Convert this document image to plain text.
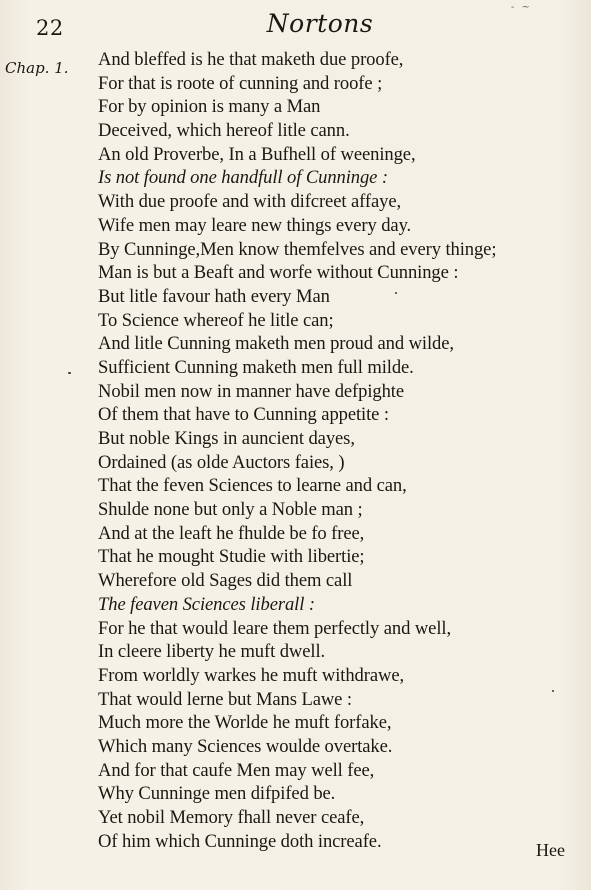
22	Nortons
- ~
Chap. 1. And bleffed is he that maketh due proofe,
For that is roote of cunning and roofe ;
For by opinion is many a Man
Deceived, which hereof litle cann.
An old Proverbe, In a Bufhell of weeninge,
Is not found one handfull of Cunninge :
With due proofe and with difcreet affaye,
Wife men may leare new things every day.
By Cunninge,Men know themfelves and every thinge;
Man is but a Beaft and worfe without Cunninge :
But litle favour hath every Man
To Science whereof he litle can;
And litle Cunning maketh men proud and wilde,
Sufficient Cunning maketh men full milde.
Nobil men now in manner have defpighte
Of them that have to Cunning appetite :
But noble Kings in auncient dayes,
Ordained (as olde Auctors faies, )
That the feven Sciences to learne and can,
Shulde none but only a Noble man ;
And at the leaft he fhulde be fo free,
That he mought Studie with libertie;
Wherefore old Sages did them call
The feaven Sciences liberall :
For he that would leare them perfectly and well,
In cleere liberty he muft dwell.
From worldly warkes he muft withdrawe,
That would lerne but Mans Lawe :
Much more the Worlde he muft forfake,
Which many Sciences woulde overtake.
And for that caufe Men may well fee,
Why Cunninge men difpifed be.
Yet nobil Memory fhall never ceafe,
Of him which Cunninge doth increafe.	Hee
